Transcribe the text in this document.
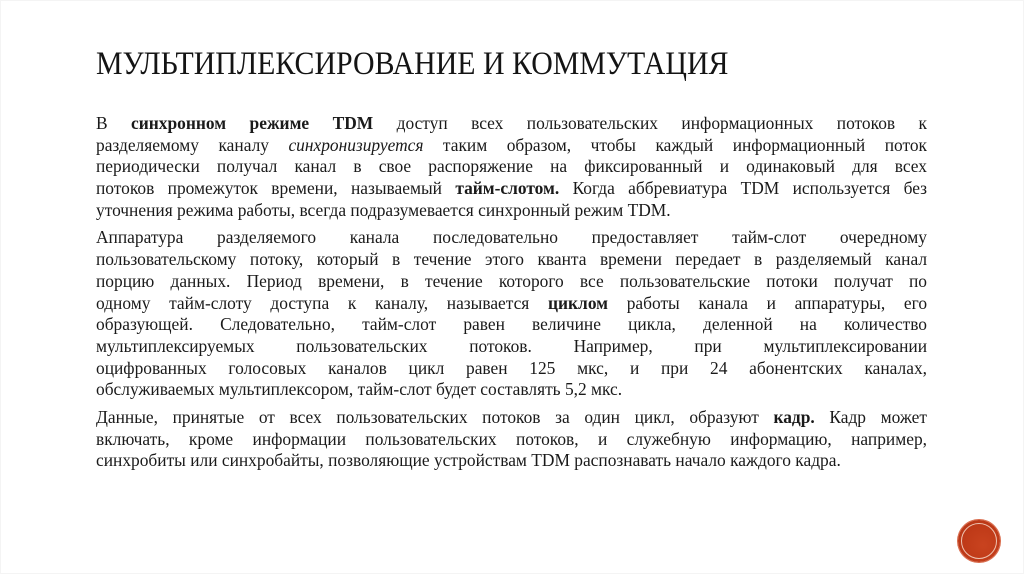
МУЛЬТИПЛЕКСИРОВАНИЕ И КОММУТАЦИЯ
В синхронном режиме TDM доступ всех пользовательских информационных потоков к
разделяемому каналу синхронизируется таким образом, чтобы каждый информационный поток
периодически получал канал в свое распоряжение на фиксированный и одинаковый для всех
потоков промежуток времени, называемый тайм-слотом. Когда аббревиатура TDM используется без
уточнения режима работы, всегда подразумевается синхронный режим TDM.
Аппаратура разделяемого канала последовательно предоставляет тайм-слот очередному
пользовательскому потоку, который в течение этого кванта времени передает в разделяемый канал
порцию данных. Период времени, в течение которого все пользовательские потоки получат по
одному тайм-слоту доступа к каналу, называется циклом работы канала и аппаратуры, его
образующей. Следовательно, тайм-слот равен величине цикла, деленной на количество
мультиплексируемых пользовательских потоков. Например, при мультиплексировании
оцифрованных голосовых каналов цикл равен 125 мкс, и при 24 абонентских каналах,
обслуживаемых мультиплексором, тайм-слот будет составлять 5,2 мкс.
Данные, принятые от всех пользовательских потоков за один цикл, образуют кадр. Кадр может
включать, кроме информации пользовательских потоков, и служебную информацию, например,
синхробиты или синхробайты, позволяющие устройствам TDM распознавать начало каждого кадра.
